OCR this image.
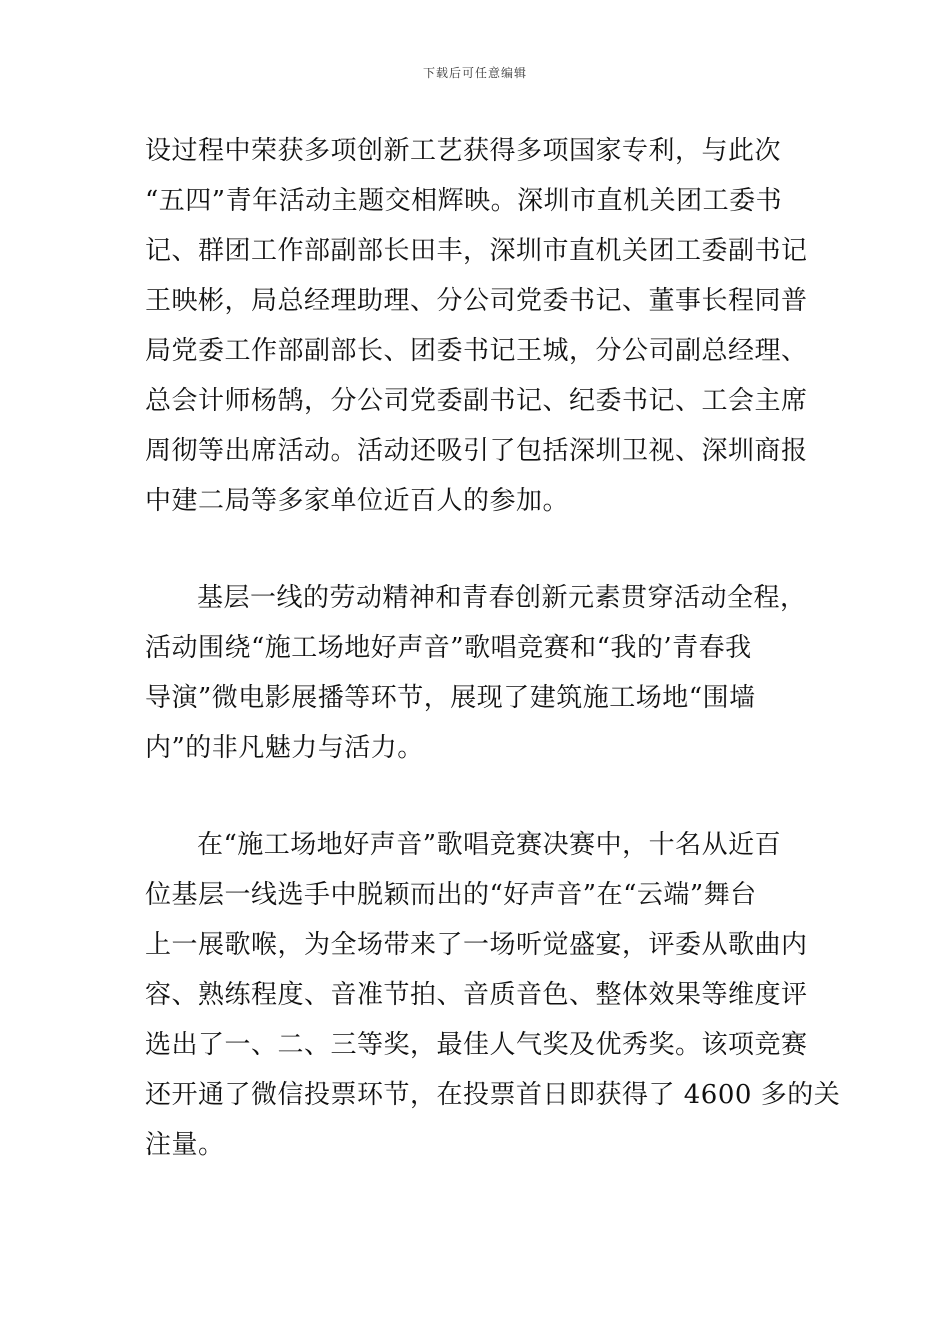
下载后可任意编辑
设过程中荣获多项创新工艺获得多项国家专利，与此次
“五四”青年活动主题交相辉映。深圳市直机关团工委书
记、群团工作部副部长田丰，深圳市直机关团工委副书记
王映彬，局总经理助理、分公司党委书记、董事长程同普
局党委工作部副部长、团委书记王城，分公司副总经理、
总会计师杨鹄，分公司党委副书记、纪委书记、工会主席
周彻等出席活动。活动还吸引了包括深圳卫视、深圳商报
中建二局等多家单位近百人的参加。
基层一线的劳动精神和青春创新元素贯穿活动全程，
活动围绕“施工场地好声音”歌唱竞赛和“我的’青春我
导演”微电影展播等环节，展现了建筑施工场地“围墙
内”的非凡魅力与活力。
在“施工场地好声音”歌唱竞赛决赛中，十名从近百
位基层一线选手中脱颖而出的“好声音”在“云端”舞台
上一展歌喉，为全场带来了一场听觉盛宴，评委从歌曲内
容、熟练程度、音准节拍、音质音色、整体效果等维度评
选出了一、二、三等奖，最佳人气奖及优秀奖。该项竞赛
还开通了微信投票环节，在投票首日即获得了 4600 多的关
注量。
